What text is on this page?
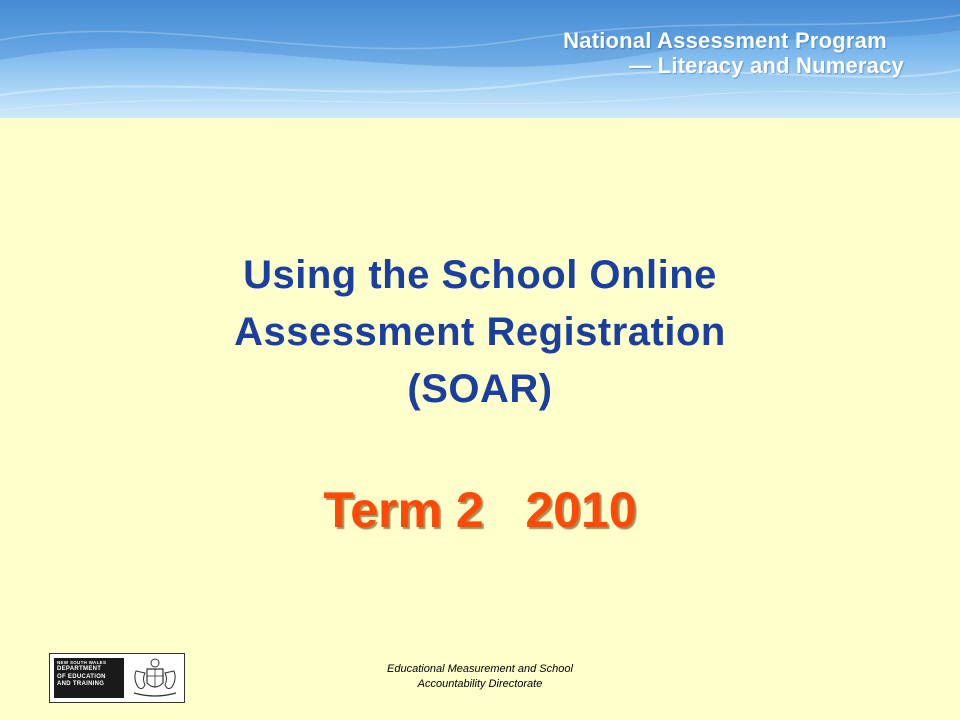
National Assessment Program
— Literacy and Numeracy
Using the School Online
Assessment Registration
(SOAR)
Term 2   2010
NEW SOUTH WALES
DEPARTMENT
OF EDUCATION
AND TRAINING
Educational Measurement and School
Accountability Directorate
